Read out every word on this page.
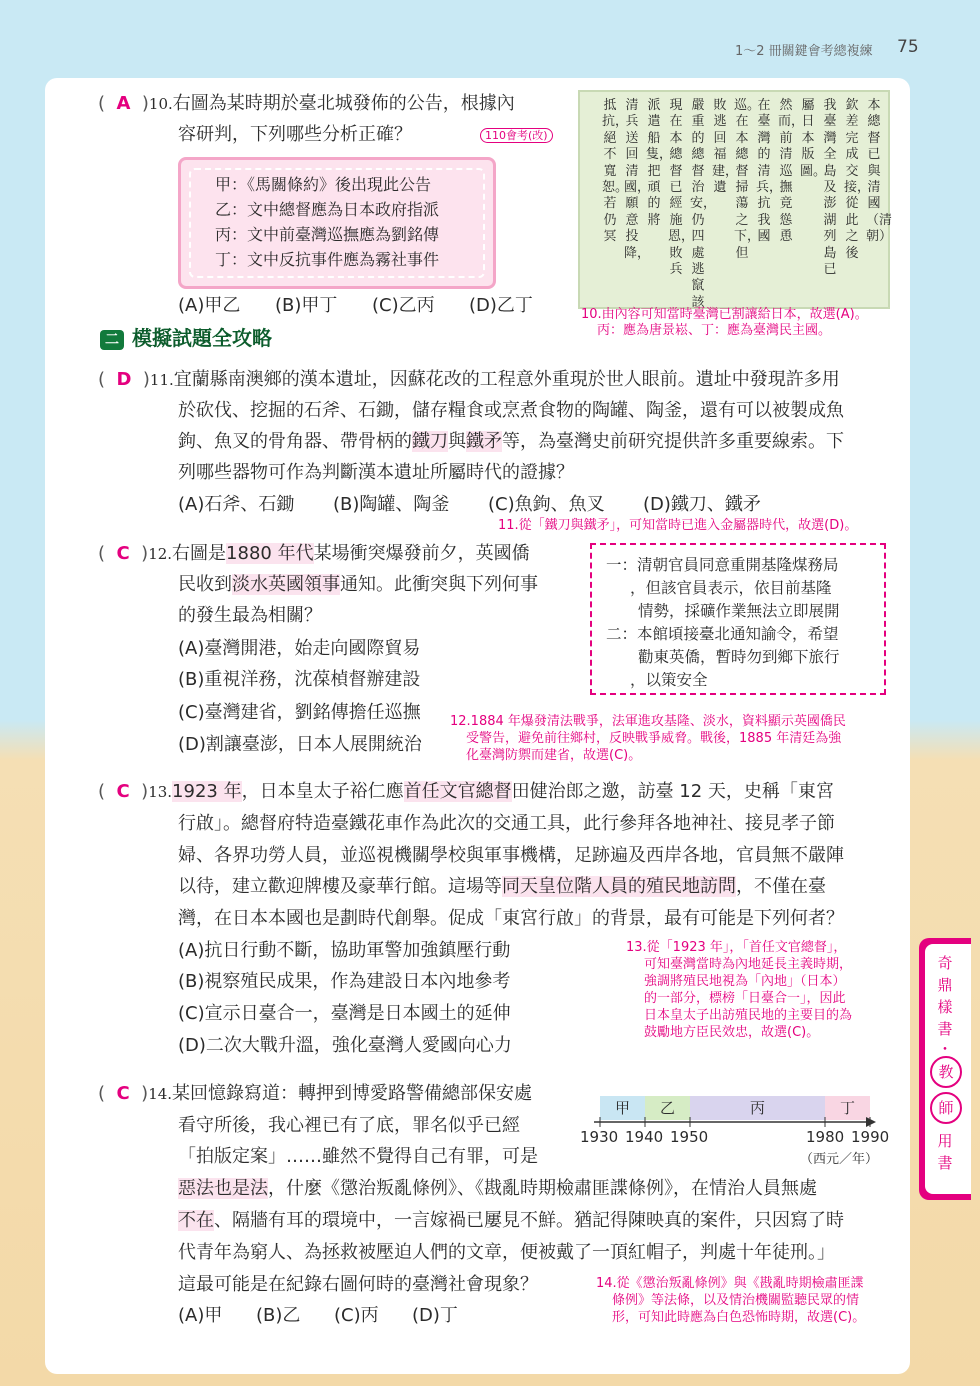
1～2 冊關鍵會考總複練 75
( A )10.右圖為某時期於臺北城發佈的公告，根據內
容研判，下列哪些分析正確？	110會考(改)
甲：《馬關條約》後出現此公告
乙：文中總督應為日本政府指派
丙：文中前臺灣巡撫應為劉銘傳
丁：文中反抗事件應為霧社事件
(A)甲乙 (B)甲丁 (C)乙丙 (D)乙丁
本總督已與清國（清朝）
欽差完成交接，從此之後
我臺灣全島及澎湖列島已
屬日本版圖。
然而，前清巡撫竟慫恿
在臺灣的清兵，抗我國
巡。在本總督掃蕩之下，但
敗逃回福建，遺
嚴重的總督治安，仍四處逃竄該
現在本總督已經施恩，敗兵
派遣船隻，把頑的將
清兵送回清國，願意投降，
抵抗，絕不寬恕。若仍冥
10.由內容可知當時臺灣已割讓給日本，故選(A)。
丙：應為唐景崧、丁：應為臺灣民主國。
二 模擬試題全攻略
( D )11.宜蘭縣南澳鄉的漢本遺址，因蘇花改的工程意外重現於世人眼前。遺址中發現許多用
於砍伐、挖掘的石斧、石鋤，儲存糧食或烹煮食物的陶罐、陶釜，還有可以被製成魚
鉤、魚叉的骨角器、帶骨柄的鐵刀與鐵矛等，為臺灣史前研究提供許多重要線索。下
列哪些器物可作為判斷漢本遺址所屬時代的證據？
(A)石斧、石鋤 (B)陶罐、陶釜 (C)魚鉤、魚叉 (D)鐵刀、鐵矛
11.從「鐵刀與鐵矛」，可知當時已進入金屬器時代，故選(D)。
( C )12.右圖是1880 年代某場衝突爆發前夕，英國僑
民收到淡水英國領事通知。此衝突與下列何事
的發生最為相關？
(A)臺灣開港，始走向國際貿易
(B)重視洋務，沈葆楨督辦建設
(C)臺灣建省，劉銘傳擔任巡撫
(D)割讓臺澎，日本人展開統治
一：清朝官員同意重開基隆煤務局
，但該官員表示，依目前基隆
情勢，採礦作業無法立即展開
二：本館頃接臺北通知諭令，希望
勸東英僑，暫時勿到鄉下旅行
，以策安全
12.1884 年爆發清法戰爭，法軍進攻基隆、淡水，資料顯示英國僑民
受警告，避免前往鄉村，反映戰爭威脅。戰後，1885 年清廷為強
化臺灣防禦而建省，故選(C)。
( C )13.1923 年，日本皇太子裕仁應首任文官總督田健治郎之邀，訪臺 12 天，史稱「東宮
行啟」。總督府特造臺鐵花車作為此次的交通工具，此行參拜各地神社、接見孝子節
婦、各界功勞人員，並巡視機關學校與軍事機構，足跡遍及西岸各地，官員無不嚴陣
以待，建立歡迎牌樓及豪華行館。這場等同天皇位階人員的殖民地訪問，不僅在臺
灣，在日本本國也是劃時代創舉。促成「東宮行啟」的背景，最有可能是下列何者？
(A)抗日行動不斷，協助軍警加強鎮壓行動
(B)視察殖民成果，作為建設日本內地參考
(C)宣示日臺合一，臺灣是日本國土的延伸
(D)二次大戰升溫，強化臺灣人愛國向心力
13.從「1923 年」，「首任文官總督」，
可知臺灣當時為內地延長主義時期，
強調將殖民地視為「內地」（日本）
的一部分，標榜「日臺合一」，因此
日本皇太子出訪殖民地的主要目的為
鼓勵地方臣民效忠，故選(C)。
( C )14.某回憶錄寫道：轉押到博愛路警備總部保安處
看守所後，我心裡已有了底，罪名似乎已經
「拍版定案」……雖然不覺得自己有罪，可是
惡法也是法，什麼《懲治叛亂條例》、《戡亂時期檢肅匪諜條例》，在情治人員無處
不在、隔牆有耳的環境中，一言嫁禍已屢見不鮮。猶記得陳映真的案件，只因寫了時
代青年為窮人、為拯救被壓迫人們的文章，便被戴了一頂紅帽子，判處十年徒刑。」
這最可能是在紀錄右圖何時的臺灣社會現象？
(A)甲 (B)乙 (C)丙 (D)丁
甲	乙	丙	丁
1930 1940 1950	1980 1990
（西元／年）
14.從《懲治叛亂條例》與《戡亂時期檢肅匪諜
條例》等法條，以及情治機關監聽民眾的情
形，可知此時應為白色恐怖時期，故選(C)。
奇
鼎
樣
書
・
教
師
用
書
